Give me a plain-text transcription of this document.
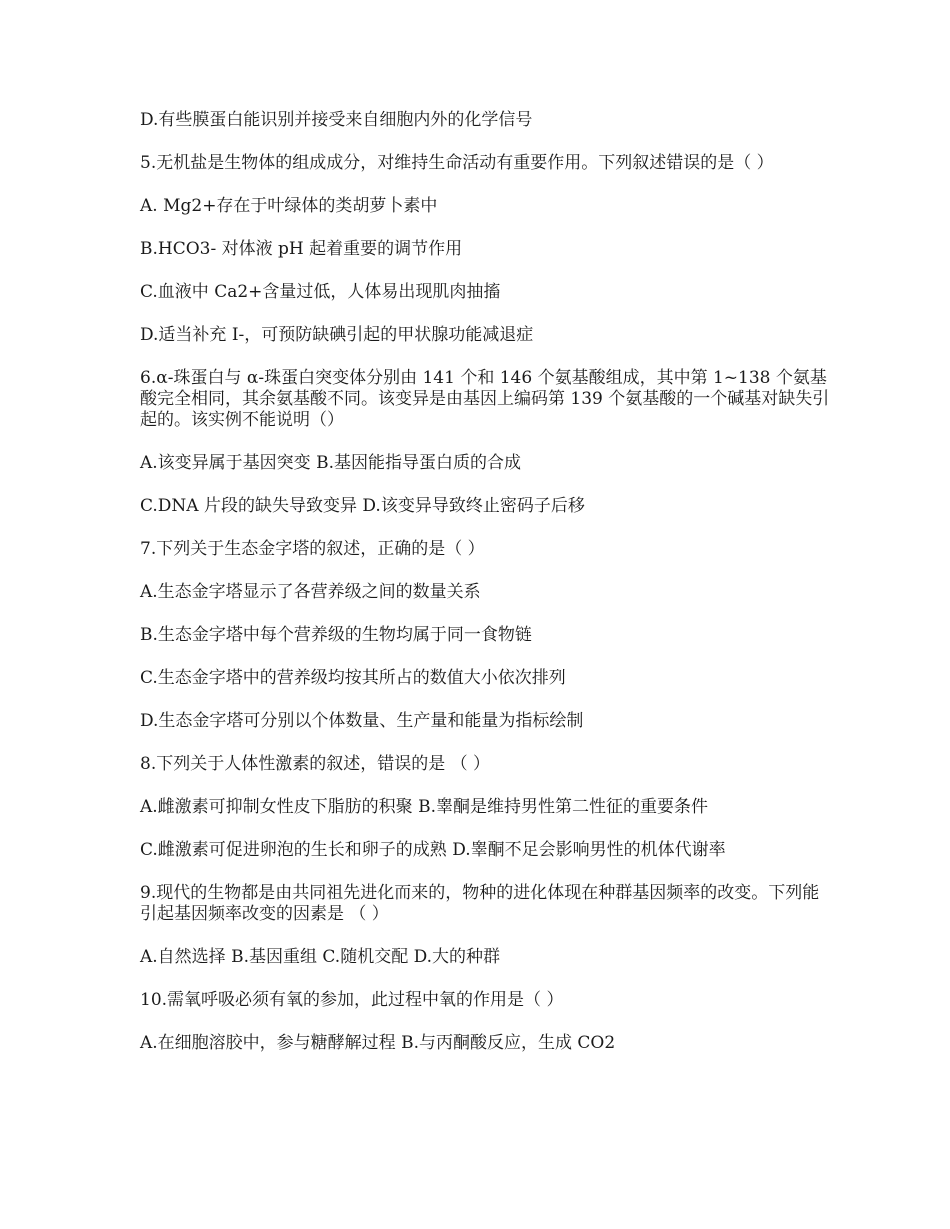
D.有些膜蛋白能识别并接受来自细胞内外的化学信号

5.无机盐是生物体的组成成分，对维持生命活动有重要作用。下列叙述错误的是（ ）

A. Mg2+存在于叶绿体的类胡萝卜素中

B.HCO3- 对体液 pH 起着重要的调节作用

C.血液中 Ca2+含量过低，人体易出现肌肉抽搐

D.适当补充 I-，可预防缺碘引起的甲状腺功能减退症

6.α-珠蛋白与 α-珠蛋白突变体分别由 141 个和 146 个氨基酸组成，其中第 1~138 个氨基酸完全相同，其余氨基酸不同。该变异是由基因上编码第 139 个氨基酸的一个碱基对缺失引起的。该实例不能说明（）

A.该变异属于基因突变 B.基因能指导蛋白质的合成

C.DNA 片段的缺失导致变异 D.该变异导致终止密码子后移

7.下列关于生态金字塔的叙述，正确的是（ ）

A.生态金字塔显示了各营养级之间的数量关系

B.生态金字塔中每个营养级的生物均属于同一食物链

C.生态金字塔中的营养级均按其所占的数值大小依次排列

D.生态金字塔可分别以个体数量、生产量和能量为指标绘制

8.下列关于人体性激素的叙述，错误的是 （ ）

A.雌激素可抑制女性皮下脂肪的积聚 B.睾酮是维持男性第二性征的重要条件

C.雌激素可促进卵泡的生长和卵子的成熟 D.睾酮不足会影响男性的机体代谢率

9.现代的生物都是由共同祖先进化而来的，物种的进化体现在种群基因频率的改变。下列能引起基因频率改变的因素是 （ ）

A.自然选择 B.基因重组 C.随机交配 D.大的种群

10.需氧呼吸必须有氧的参加，此过程中氧的作用是（ ）

A.在细胞溶胶中，参与糖酵解过程 B.与丙酮酸反应，生成 CO2
